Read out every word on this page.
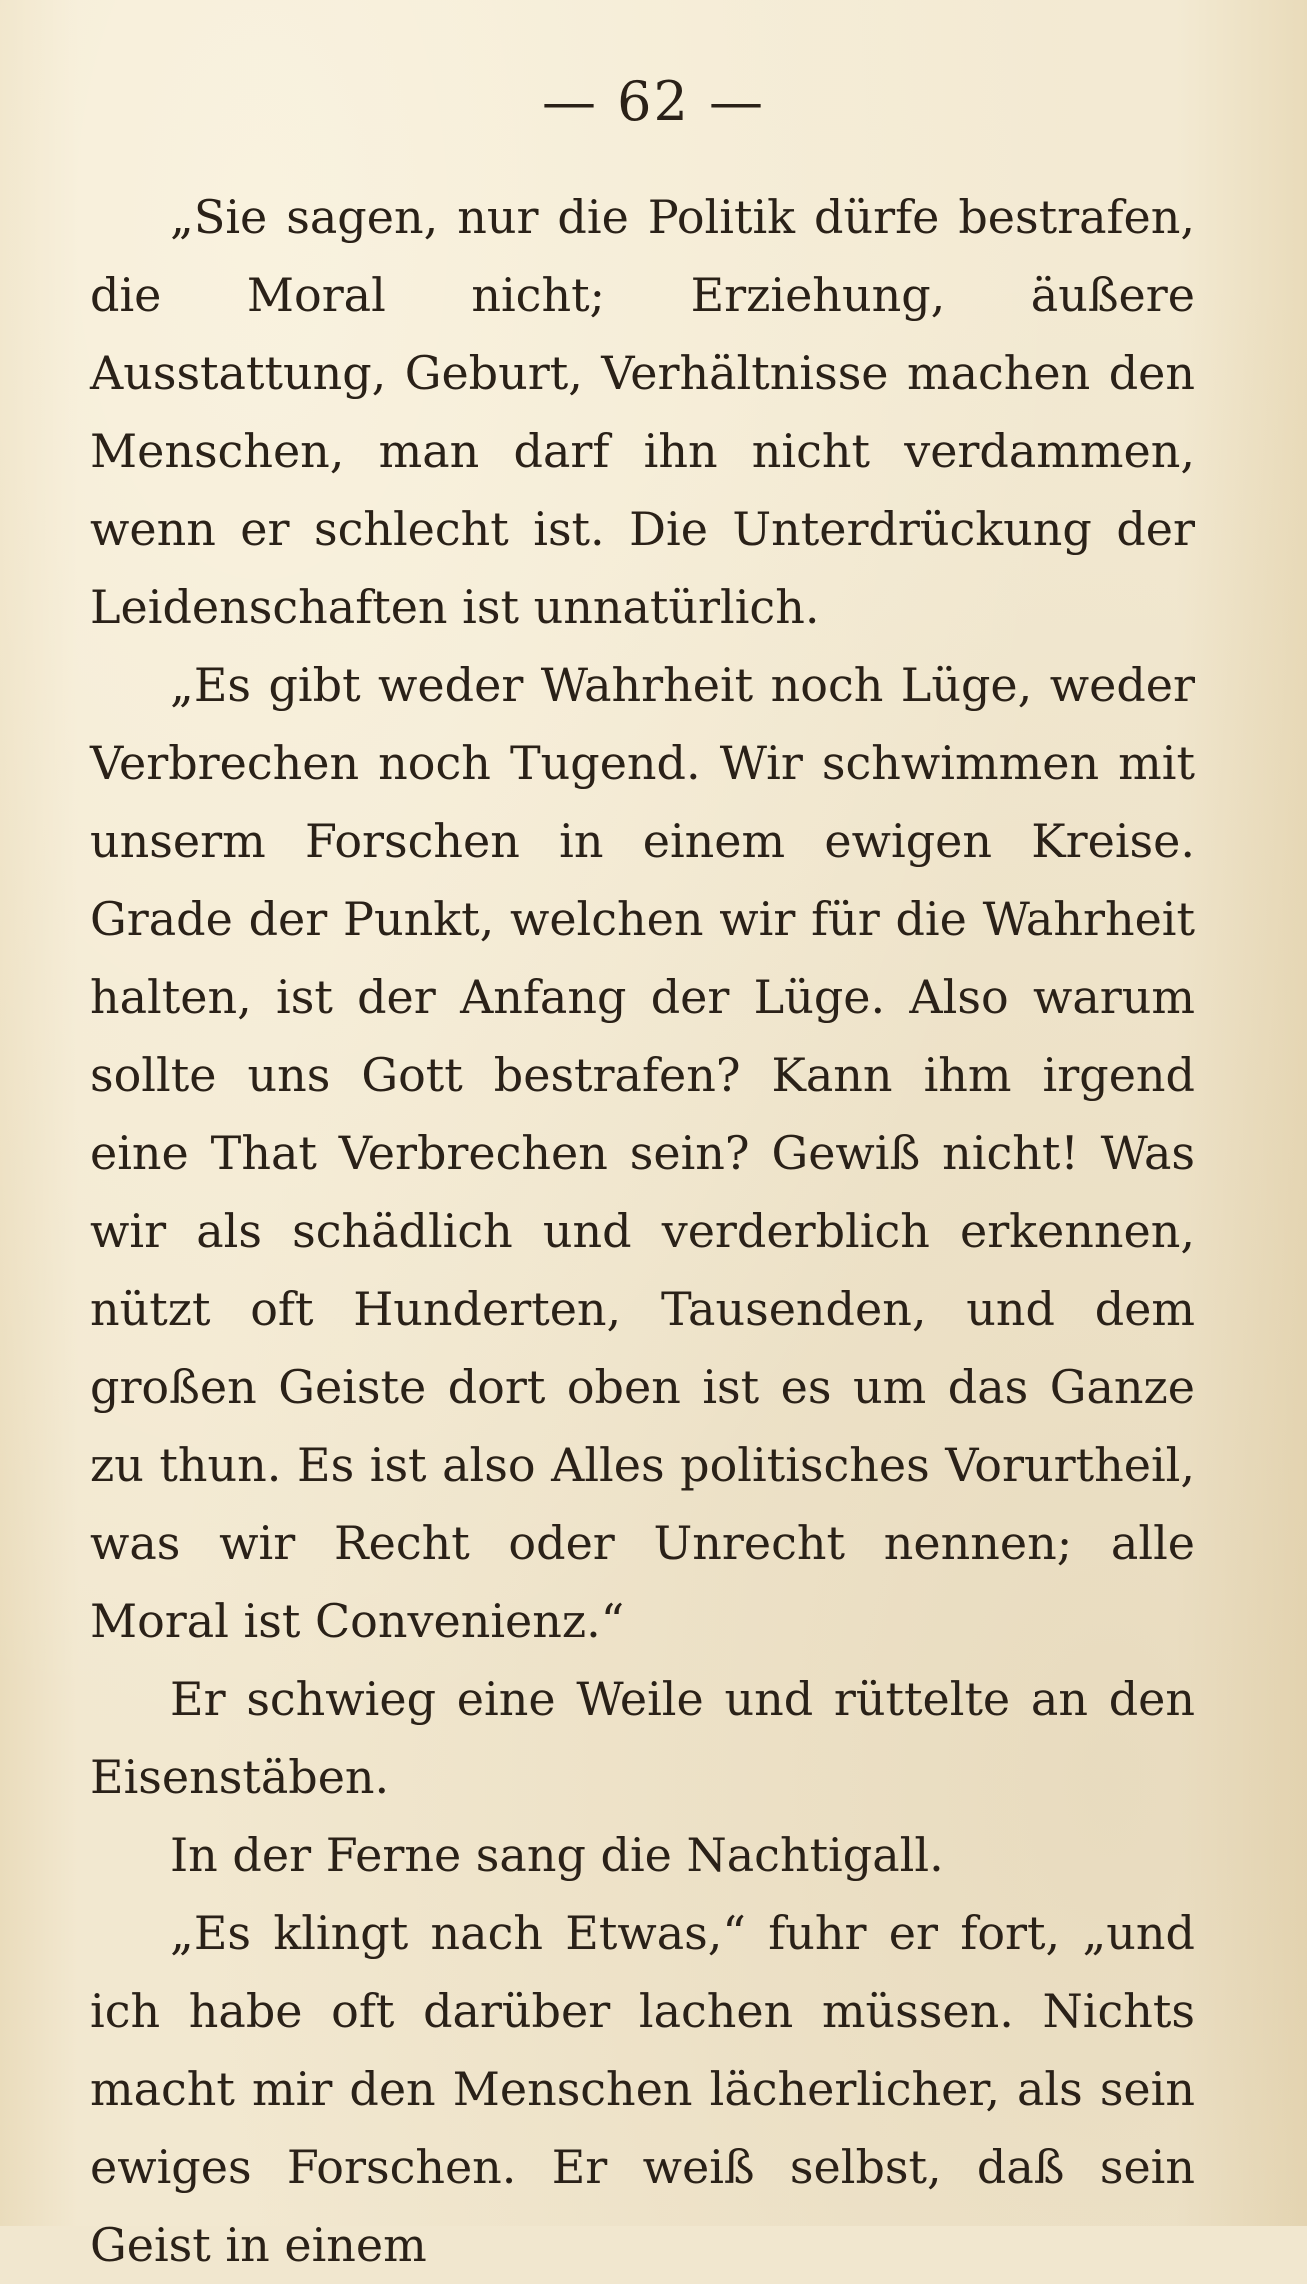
— 62 —

„Sie sagen, nur die Politik dürfe bestrafen, die Moral nicht; Erziehung, äußere Ausstattung, Geburt, Verhältnisse machen den Menschen, man darf ihn nicht verdammen, wenn er schlecht ist. Die Unterdrückung der Leidenschaften ist unnatürlich.

„Es gibt weder Wahrheit noch Lüge, weder Verbrechen noch Tugend. Wir schwimmen mit unserm Forschen in einem ewigen Kreise. Grade der Punkt, welchen wir für die Wahrheit halten, ist der Anfang der Lüge. Also warum sollte uns Gott bestrafen? Kann ihm irgend eine That Verbrechen sein? Gewiß nicht! Was wir als schädlich und verderblich erkennen, nützt oft Hunderten, Tausenden, und dem großen Geiste dort oben ist es um das Ganze zu thun. Es ist also Alles politisches Vorurtheil, was wir Recht oder Unrecht nennen; alle Moral ist Convenienz.“

Er schwieg eine Weile und rüttelte an den Eisenstäben.

In der Ferne sang die Nachtigall.

„Es klingt nach Etwas,“ fuhr er fort, „und ich habe oft darüber lachen müssen. Nichts macht mir den Menschen lächerlicher, als sein ewiges Forschen. Er weiß selbst, daß sein Geist in einem
